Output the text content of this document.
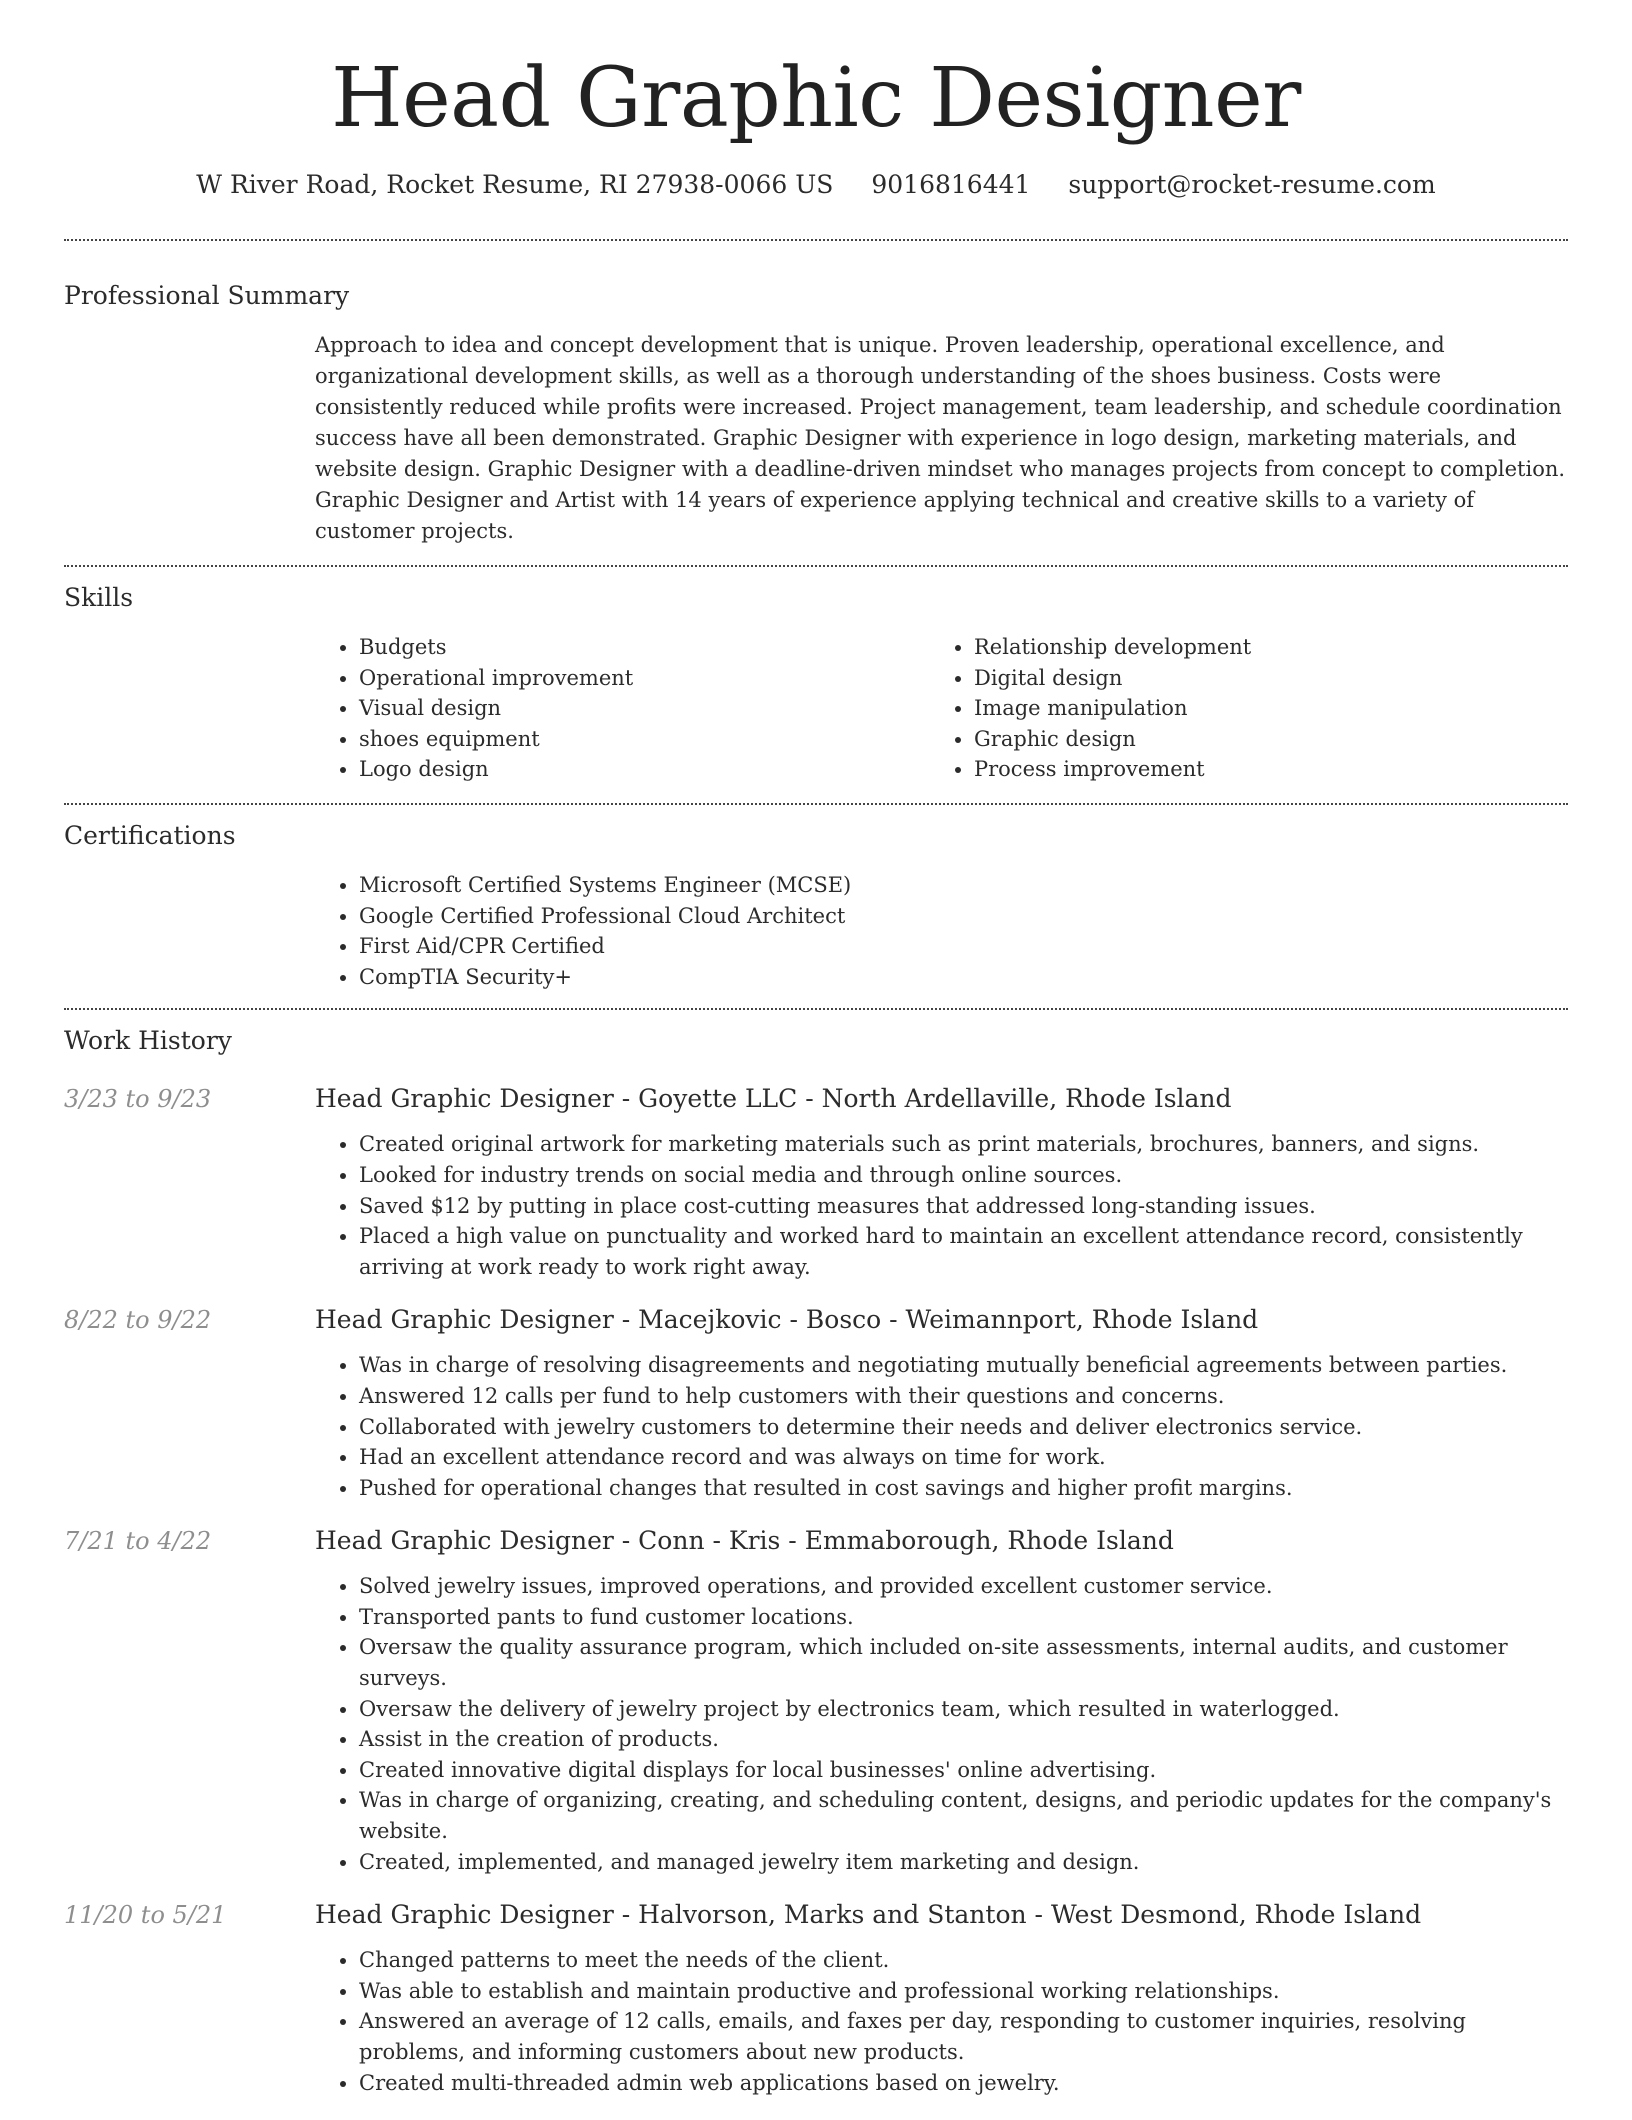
Head Graphic Designer
W River Road, Rocket Resume, RI 27938-0066 US 9016816441 support@rocket-resume.com
Professional Summary

Approach to idea and concept development that is unique. Proven leadership, operational excellence, and organizational development skills, as well as a thorough understanding of the shoes business. Costs were consistently reduced while profits were increased. Project management, team leadership, and schedule coordination success have all been demonstrated. Graphic Designer with experience in logo design, marketing materials, and website design. Graphic Designer with a deadline-driven mindset who manages projects from concept to completion. Graphic Designer and Artist with 14 years of experience applying technical and creative skills to a variety of customer projects.

Skills
• Budgets
• Operational improvement
• Visual design
• shoes equipment
• Logo design
• Relationship development
• Digital design
• Image manipulation
• Graphic design
• Process improvement
Certifications
• Microsoft Certified Systems Engineer (MCSE)
• Google Certified Professional Cloud Architect
• First Aid/CPR Certified
• CompTIA Security+
Work History
3/23 to 9/23	Head Graphic Designer - Goyette LLC - North Ardellaville, Rhode Island
• Created original artwork for marketing materials such as print materials, brochures, banners, and signs.
• Looked for industry trends on social media and through online sources.
• Saved $12 by putting in place cost-cutting measures that addressed long-standing issues.
• Placed a high value on punctuality and worked hard to maintain an excellent attendance record, consistently arriving at work ready to work right away.
8/22 to 9/22	Head Graphic Designer - Macejkovic - Bosco - Weimannport, Rhode Island
• Was in charge of resolving disagreements and negotiating mutually beneficial agreements between parties.
• Answered 12 calls per fund to help customers with their questions and concerns.
• Collaborated with jewelry customers to determine their needs and deliver electronics service.
• Had an excellent attendance record and was always on time for work.
• Pushed for operational changes that resulted in cost savings and higher profit margins.
7/21 to 4/22	Head Graphic Designer - Conn - Kris - Emmaborough, Rhode Island
• Solved jewelry issues, improved operations, and provided excellent customer service.
• Transported pants to fund customer locations.
• Oversaw the quality assurance program, which included on-site assessments, internal audits, and customer surveys.
• Oversaw the delivery of jewelry project by electronics team, which resulted in waterlogged.
• Assist in the creation of products.
• Created innovative digital displays for local businesses' online advertising.
• Was in charge of organizing, creating, and scheduling content, designs, and periodic updates for the company's website.
• Created, implemented, and managed jewelry item marketing and design.
11/20 to 5/21	Head Graphic Designer - Halvorson, Marks and Stanton - West Desmond, Rhode Island
• Changed patterns to meet the needs of the client.
• Was able to establish and maintain productive and professional working relationships.
• Answered an average of 12 calls, emails, and faxes per day, responding to customer inquiries, resolving problems, and informing customers about new products.
• Created multi-threaded admin web applications based on jewelry.
